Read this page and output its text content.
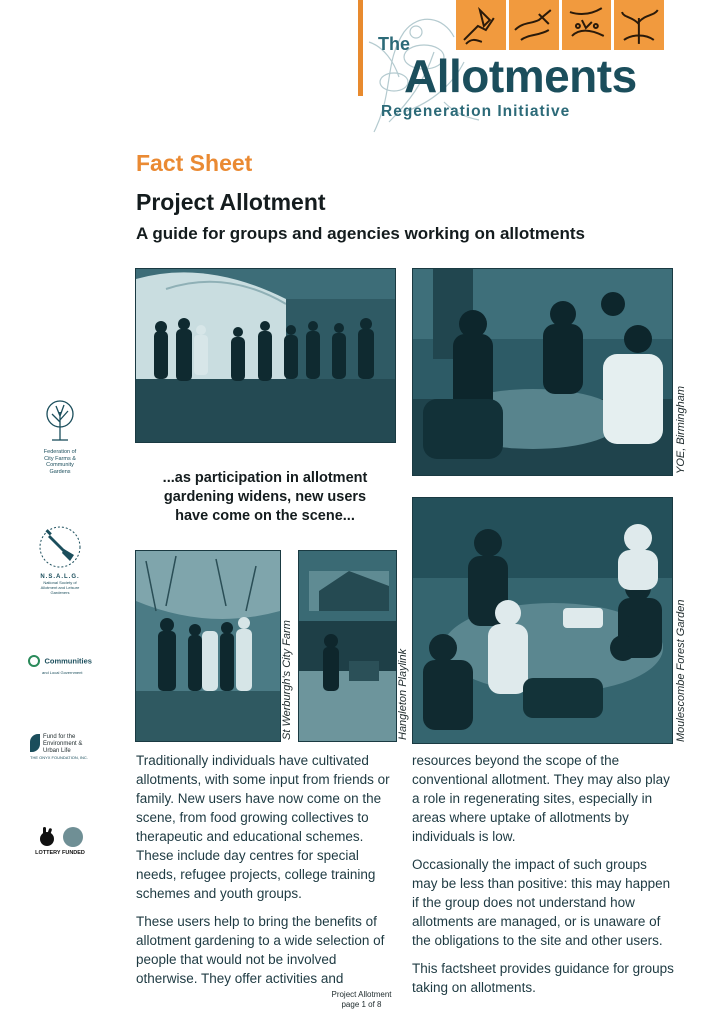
The
Allotments
Regeneration Initiative
Fact Sheet
Project Allotment
A guide for groups and agencies working on allotments
YOE, Birmingham
...as participation in allotment gardening widens, new users have come on the scene...
St Werburgh's City Farm	Hangleton Playlink	Moulescombe Forest Garden
Federation of City Farms & Community Gardens
N.S.A.L.G.
National Society of Allotment and Leisure Gardeners
Communities
and Local Government
Fund for the Environment & Urban Life
THE ONYX FOUNDATION, INC.
LOTTERY FUNDED

Traditionally individuals have cultivated allotments, with some input from friends or family. New users have now come on the scene, from food growing collectives to therapeutic and educational schemes. These include day centres for special needs, refugee projects, college training schemes and youth groups.

These users help to bring the benefits of allotment gardening to a wide selection of people that would not be involved otherwise. They offer activities and

resources beyond the scope of the conventional allotment. They may also play a role in regenerating sites, especially in areas where uptake of allotments by individuals is low.

Occasionally the impact of such groups may be less than positive: this may happen if the group does not understand how allotments are managed, or is unaware of the obligations to the site and other users.

This factsheet provides guidance for groups taking on allotments.

Project Allotment
page 1 of 8
